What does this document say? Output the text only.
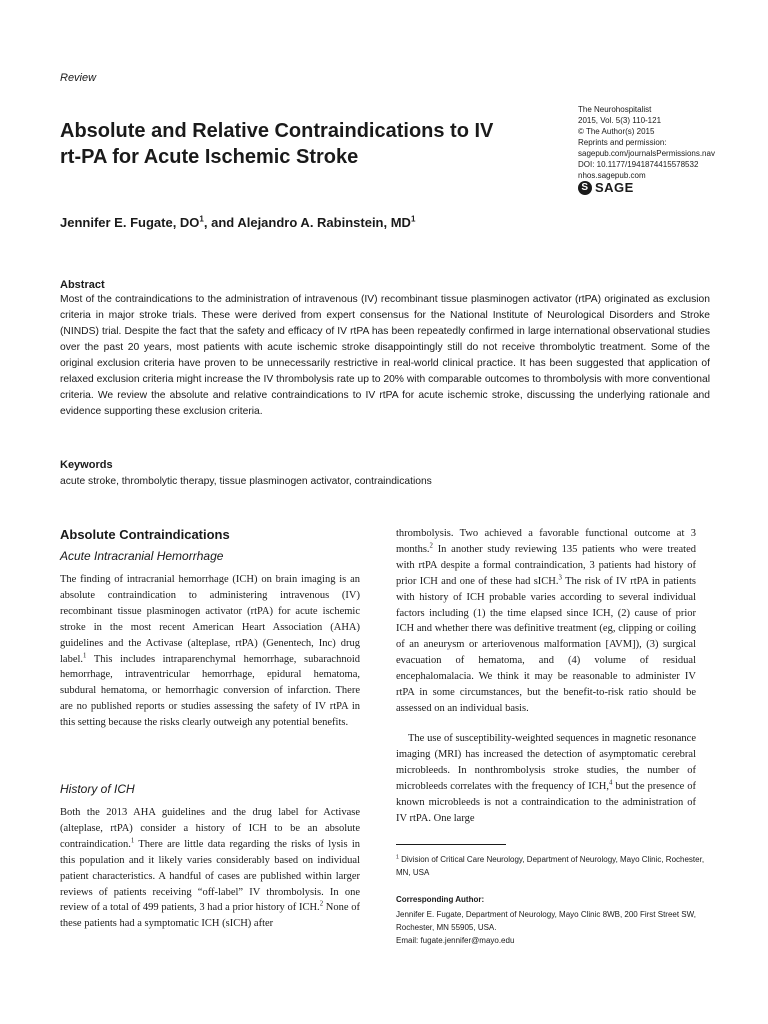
Review
Absolute and Relative Contraindications to IV rt-PA for Acute Ischemic Stroke
The Neurohospitalist
2015, Vol. 5(3) 110-121
© The Author(s) 2015
Reprints and permission:
sagepub.com/journalsPermissions.nav
DOI: 10.1177/1941874415578532
nhos.sagepub.com
S SAGE
Jennifer E. Fugate, $DO^1$, and Alejandro A. Rabinstein, $MD^1$
Abstract
Most of the contraindications to the administration of intravenous (IV) recombinant tissue plasminogen activator (rtPA) originated as exclusion criteria in major stroke trials. These were derived from expert consensus for the National Institute of Neurological Disorders and Stroke (NINDS) trial. Despite the fact that the safety and efficacy of IV rtPA has been repeatedly confirmed in large international observational studies over the past 20 years, most patients with acute ischemic stroke disappointingly still do not receive thrombolytic treatment. Some of the original exclusion criteria have proven to be unnecessarily restrictive in real-world clinical practice. It has been suggested that application of relaxed exclusion criteria might increase the IV thrombolysis rate up to 20% with comparable outcomes to thrombolysis with more conventional criteria. We review the absolute and relative contraindications to IV rtPA for acute ischemic stroke, discussing the underlying rationale and evidence supporting these exclusion criteria.
Keywords
acute stroke, thrombolytic therapy, tissue plasminogen activator, contraindications
Absolute Contraindications
Acute Intracranial Hemorrhage
The finding of intracranial hemorrhage (ICH) on brain imaging is an absolute contraindication to administering intravenous (IV) recombinant tissue plasminogen activator (rtPA) for acute ischemic stroke in the most recent American Heart Association (AHA) guidelines and the Activase (alteplase, rtPA) (Genentech, Inc) drug label.$^1$ This includes intraparenchymal hemorrhage, subarachnoid hemorrhage, intraventricular hemorrhage, epidural hematoma, subdural hematoma, or hemorrhagic conversion of infarction. There are no published reports or studies assessing the safety of IV rtPA in this setting because the risks clearly outweigh any potential benefits.
History of ICH
Both the 2013 AHA guidelines and the drug label for Activase (alteplase, rtPA) consider a history of ICH to be an absolute contraindication.$^1$ There are little data regarding the risks of lysis in this population and it likely varies considerably based on individual patient characteristics. A handful of cases are published within larger reviews of patients receiving “off-label” IV thrombolysis. In one review of a total of 499 patients, 3 had a prior history of ICH.$^2$ None of these patients had a symptomatic ICH (sICH) after
thrombolysis. Two achieved a favorable functional outcome at 3 months.$^2$ In another study reviewing 135 patients who were treated with rtPA despite a formal contraindication, 3 patients had history of prior ICH and one of these had sICH.$^3$ The risk of IV rtPA in patients with history of ICH probable varies according to several individual factors including (1) the time elapsed since ICH, (2) cause of prior ICH and whether there was definitive treatment (eg, clipping or coiling of an aneurysm or arteriovenous malformation [AVM]), (3) surgical evacuation of hematoma, and (4) volume of residual encephalomalacia. We think it may be reasonable to administer IV rtPA in some circumstances, but the benefit-to-risk ratio should be assessed on an individual basis.
The use of susceptibility-weighted sequences in magnetic resonance imaging (MRI) has increased the detection of asymptomatic cerebral microbleeds. In nonthrombolysis stroke studies, the number of microbleeds correlates with the frequency of ICH,$^4$ but the presence of known microbleeds is not a contraindication to the administration of IV rtPA. One large
$^1$ Division of Critical Care Neurology, Department of Neurology, Mayo Clinic, Rochester, MN, USA
Corresponding Author:
Jennifer E. Fugate, Department of Neurology, Mayo Clinic 8WB, 200 First Street SW, Rochester, MN 55905, USA.
Email: fugate.jennifer@mayo.edu
